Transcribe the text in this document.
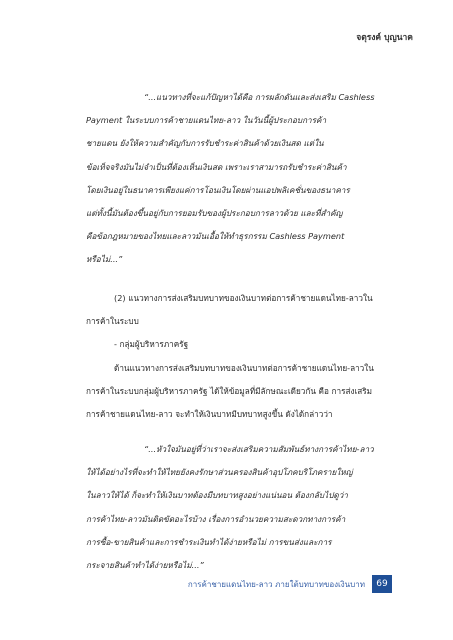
จตุรงค์ บุญนาค

“...แนวทางที่จะแก้ปัญหาได้คือ การผลักดันและส่งเสริม Cashless

Payment ในระบบการค้าชายแดนไทย-ลาว ในวันนี้ผู้ประกอบการค้า

ชายแดน ยังให้ความสำคัญกับการรับชำระค่าสินค้าด้วยเงินสด แต่ใน

ข้อเท็จจริงมันไม่จำเป็นที่ต้องเห็นเงินสด เพราะเราสามารถรับชำระค่าสินค้า

โดยเงินอยู่ในธนาคารเพียงแค่การโอนเงินโดยผ่านแอปพลิเคชั่นของธนาคาร

แต่ทั้งนี้มันต้องขึ้นอยู่กับการยอมรับของผู้ประกอบการลาวด้วย และที่สำคัญ

คือข้อกฎหมายของไทยและลาวมันเอื้อให้ทำธุรกรรม Cashless Payment

หรือไม่...”

(2) แนวทางการส่งเสริมบทบาทของเงินบาทต่อการค้าชายแดนไทย-ลาวใน

การค้าในระบบ

- กลุ่มผู้บริหารภาครัฐ

ด้านแนวทางการส่งเสริมบทบาทของเงินบาทต่อการค้าชายแดนไทย-ลาวใน

การค้าในระบบกลุ่มผู้บริหารภาครัฐ ได้ให้ข้อมูลที่มีลักษณะเดียวกัน คือ การส่งเสริม

การค้าชายแดนไทย-ลาว จะทำให้เงินบาทมีบทบาทสูงขึ้น ดังได้กล่าวว่า

“...หัวใจมันอยู่ที่ว่าเราจะส่งเสริมความสัมพันธ์ทางการค้าไทย-ลาว

ให้ได้อย่างไรที่จะทำให้ไทยยังคงรักษาส่วนครองสินค้าอุปโภคบริโภครายใหญ่

ในลาวให้ได้ ก็จะทำให้เงินบาทต้องมีบทบาทสูงอย่างแน่นอน ต้องกลับไปดูว่า

การค้าไทย-ลาวมันติดขัดอะไรบ้าง เรื่องการอำนวยความสะดวกทางการค้า

การซื้อ-ขายสินค้าและการชำระเงินทำได้ง่ายหรือไม่ การขนส่งและการ

กระจายสินค้าทำได้ง่ายหรือไม่...”

การค้าชายแดนไทย-ลาว ภายใต้บทบาทของเงินบาท	69
